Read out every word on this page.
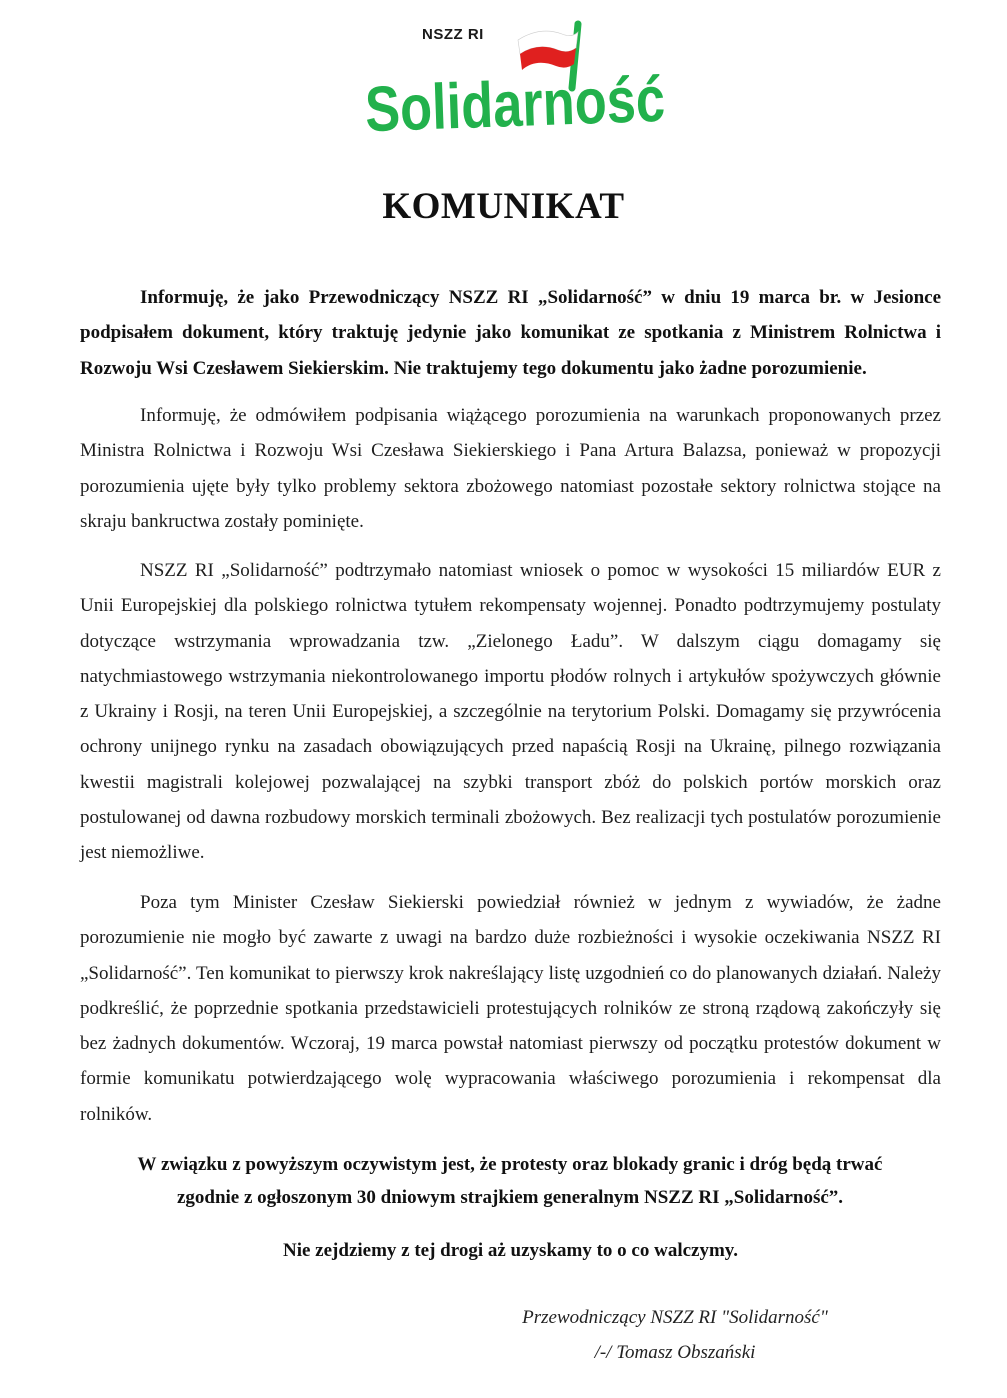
NSZZ RI
Solidarność
KOMUNIKAT

Informuję, że jako Przewodniczący NSZZ RI „Solidarność” w dniu 19 marca br. w Jesionce podpisałem dokument, który traktuję jedynie jako komunikat ze spotkania z Ministrem Rolnictwa i Rozwoju Wsi Czesławem Siekierskim. Nie traktujemy tego dokumentu jako żadne porozumienie.

Informuję, że odmówiłem podpisania wiążącego porozumienia na warunkach proponowanych przez Ministra Rolnictwa i Rozwoju Wsi Czesława Siekierskiego i Pana Artura Balazsa, ponieważ w propozycji porozumienia ujęte były tylko problemy sektora zbożowego natomiast pozostałe sektory rolnictwa stojące na skraju bankructwa zostały pominięte.

NSZZ RI „Solidarność” podtrzymało natomiast wniosek o pomoc w wysokości 15 miliardów EUR z Unii Europejskiej dla polskiego rolnictwa tytułem rekompensaty wojennej. Ponadto podtrzymujemy postulaty dotyczące wstrzymania wprowadzania tzw. „Zielonego Ładu”. W dalszym ciągu domagamy się natychmiastowego wstrzymania niekontrolowanego importu płodów rolnych i artykułów spożywczych głównie z Ukrainy i Rosji, na teren Unii Europejskiej, a szczególnie na terytorium Polski. Domagamy się przywrócenia ochrony unijnego rynku na zasadach obowiązujących przed napaścią Rosji na Ukrainę, pilnego rozwiązania kwestii magistrali kolejowej pozwalającej na szybki transport zbóż do polskich portów morskich oraz postulowanej od dawna rozbudowy morskich terminali zbożowych. Bez realizacji tych postulatów porozumienie jest niemożliwe.

Poza tym Minister Czesław Siekierski powiedział również w jednym z wywiadów, że żadne porozumienie nie mogło być zawarte z uwagi na bardzo duże rozbieżności i wysokie oczekiwania NSZZ RI „Solidarność”. Ten komunikat to pierwszy krok nakreślający listę uzgodnień co do planowanych działań. Należy podkreślić, że poprzednie spotkania przedstawicieli protestujących rolników ze stroną rządową zakończyły się bez żadnych dokumentów. Wczoraj, 19 marca powstał natomiast pierwszy od początku protestów dokument w formie komunikatu potwierdzającego wolę wypracowania właściwego porozumienia i rekompensat dla rolników.

W związku z powyższym oczywistym jest, że protesty oraz blokady granic i dróg będą trwać zgodnie z ogłoszonym 30 dniowym strajkiem generalnym NSZZ RI „Solidarność”.

Nie zejdziemy z tej drogi aż uzyskamy to o co walczymy.

Przewodniczący NSZZ RI "Solidarność"
/-/ Tomasz Obszański
